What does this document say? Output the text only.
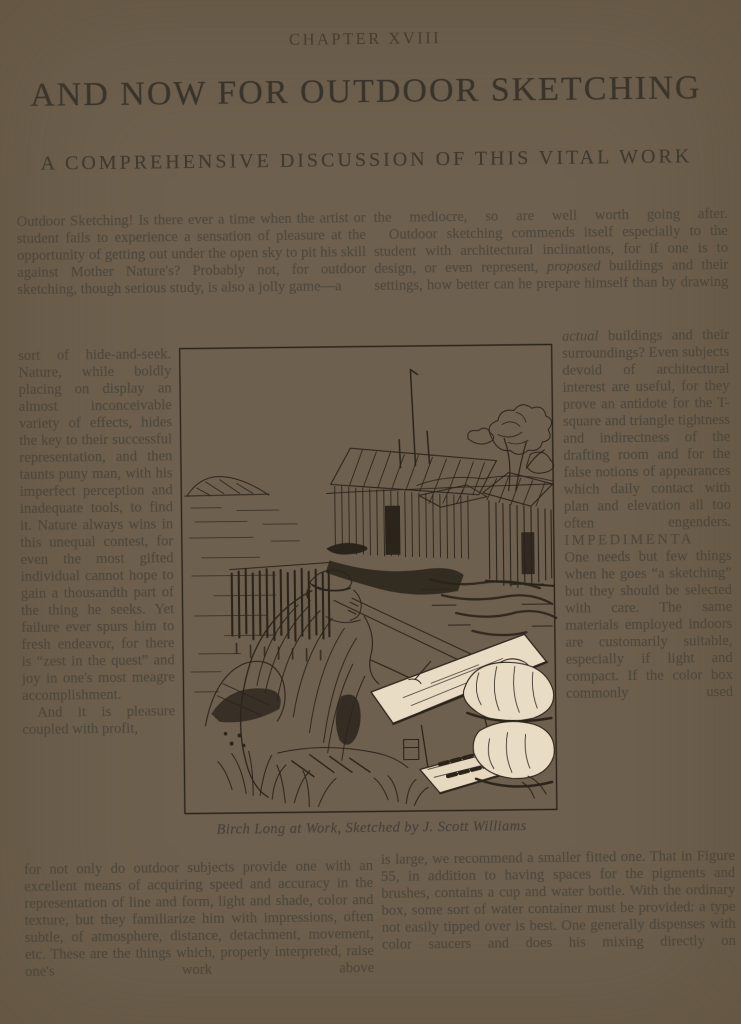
CHAPTER XVIII
AND NOW FOR OUTDOOR SKETCHING
A COMPREHENSIVE DISCUSSION OF THIS VITAL WORK

Outdoor Sketching! Is there ever a time when the artist or student fails to experience a sensation of pleasure at the opportunity of getting out under the open sky to pit his skill against Mother Nature's? Probably not, for outdoor sketching, though serious study, is also a jolly game—a

sort of hide-and-seek. Nature, while boldly placing on display an almost inconceivable variety of effects, hides the key to their successful representation, and then taunts puny man, with his imperfect perception and inadequate tools, to find it. Nature always wins in this unequal contest, for even the most gifted individual cannot hope to gain a thousandth part of the thing he seeks. Yet failure ever spurs him to fresh endeavor, for there is “zest in the quest” and joy in one's most meagre accomplishment.

And it is pleasure coupled with profit,

for not only do outdoor subjects provide one with an excellent means of acquiring speed and accuracy in the representation of line and form, light and shade, color and texture, but they familiarize him with impressions, often subtle, of atmosphere, distance, detachment, movement, etc. These are the things which, properly interpreted, raise one's work above

the mediocre, so are well worth going after.

Outdoor sketching commends itself especially to the student with architectural inclinations, for if one is to design, or even represent, proposed buildings and their settings, how better can he prepare himself than by drawing

actual buildings and their surroundings? Even subjects devoid of architectural interest are useful, for they prove an antidote for the T-square and triangle tightness and indirectness of the drafting room and for the false notions of appearances which daily contact with plan and elevation all too often engenders.

IMPEDIMENTA

One needs but few things when he goes “a sketching” but they should be selected with care. The same materials employed indoors are customarily suitable, especially if light and compact. If the color box commonly used

is large, we recommend a smaller fitted one. That in Figure 55, in addition to having spaces for the pigments and brushes, contains a cup and water bottle. With the ordinary box, some sort of water container must be provided: a type not easily tipped over is best. One generally dispenses with color saucers and does his mixing directly on

Birch Long at Work, Sketched by J. Scott Williams
